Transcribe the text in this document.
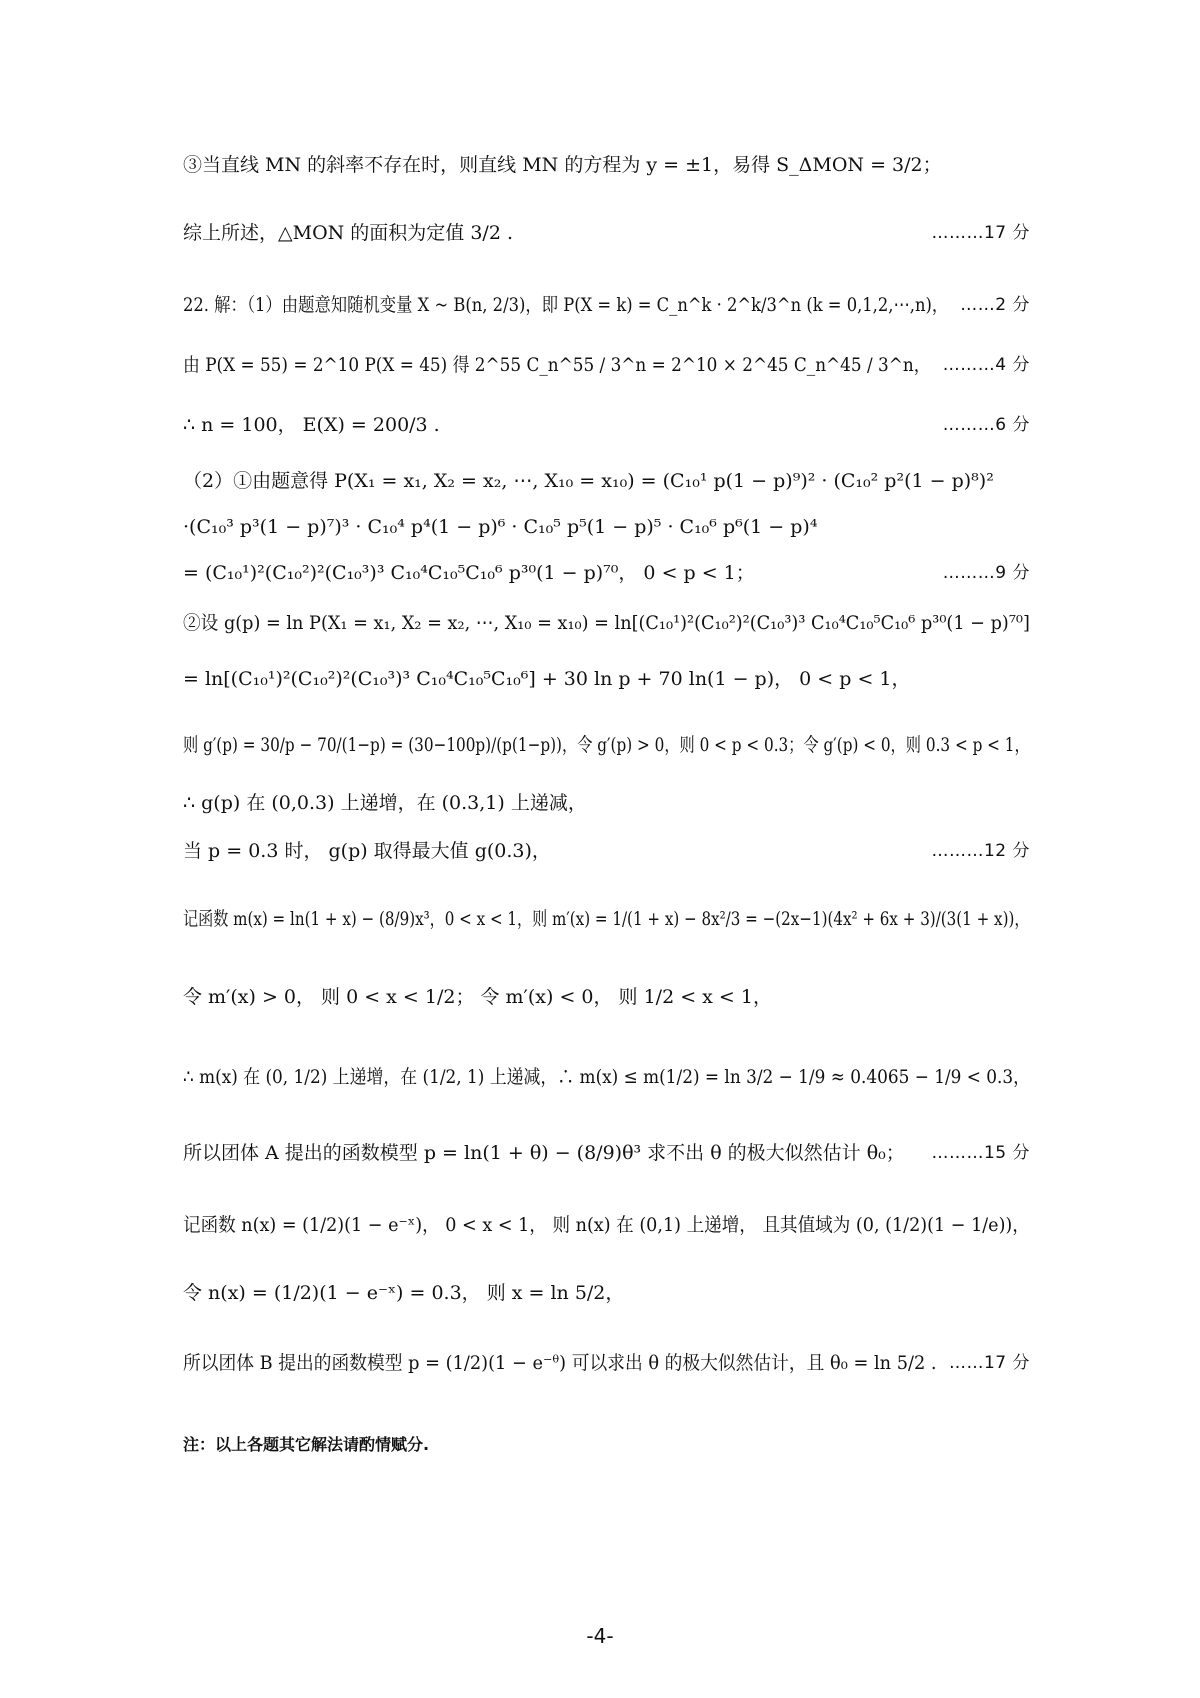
③当直线 MN 的斜率不存在时，则直线 MN 的方程为 y = ±1，易得 S_ΔMON = 3/2；
综上所述，△MON 的面积为定值 3/2 .	………17 分
22. 解：（1）由题意知随机变量 X ~ B(n, 2/3)，即 P(X = k) = C_n^k · 2^k/3^n (k = 0,1,2,⋯,n)， ……2 分
由 P(X = 55) = 2^10 P(X = 45) 得 2^55 C_n^55 / 3^n = 2^10 × 2^45 C_n^45 / 3^n， ………4 分
∴ n = 100， E(X) = 200/3 .	………6 分
（2）①由题意得 P(X₁ = x₁, X₂ = x₂, ⋯, X₁₀ = x₁₀) = (C₁₀¹ p(1 − p)⁹)² · (C₁₀² p²(1 − p)⁸)²
·(C₁₀³ p³(1 − p)⁷)³ · C₁₀⁴ p⁴(1 − p)⁶ · C₁₀⁵ p⁵(1 − p)⁵ · C₁₀⁶ p⁶(1 − p)⁴
= (C₁₀¹)²(C₁₀²)²(C₁₀³)³ C₁₀⁴C₁₀⁵C₁₀⁶ p³⁰(1 − p)⁷⁰， 0 < p < 1；	………9 分
②设 g(p) = ln P(X₁ = x₁, X₂ = x₂, ⋯, X₁₀ = x₁₀) = ln[(C₁₀¹)²(C₁₀²)²(C₁₀³)³ C₁₀⁴C₁₀⁵C₁₀⁶ p³⁰(1 − p)⁷⁰]
= ln[(C₁₀¹)²(C₁₀²)²(C₁₀³)³ C₁₀⁴C₁₀⁵C₁₀⁶] + 30 ln p + 70 ln(1 − p)， 0 < p < 1，
则 g′(p) = 30/p − 70/(1−p) = (30−100p)/(p(1−p))，令 g′(p) > 0，则 0 < p < 0.3；令 g′(p) < 0，则 0.3 < p < 1，
∴ g(p) 在 (0,0.3) 上递增，在 (0.3,1) 上递减，
当 p = 0.3 时， g(p) 取得最大值 g(0.3)，	………12 分
记函数 m(x) = ln(1 + x) − (8/9)x³，0 < x < 1，则 m′(x) = 1/(1 + x) − 8x²/3 = −(2x−1)(4x² + 6x + 3)/(3(1 + x))，
令 m′(x) > 0， 则 0 < x < 1/2； 令 m′(x) < 0， 则 1/2 < x < 1，
∴ m(x) 在 (0, 1/2) 上递增，在 (1/2, 1) 上递减，∴ m(x) ≤ m(1/2) = ln 3/2 − 1/9 ≈ 0.4065 − 1/9 < 0.3，
所以团体 A 提出的函数模型 p = ln(1 + θ) − (8/9)θ³ 求不出 θ 的极大似然估计 θ₀； ………15 分
记函数 n(x) = (1/2)(1 − e⁻ˣ)， 0 < x < 1， 则 n(x) 在 (0,1) 上递增， 且其值域为 (0, (1/2)(1 − 1/e))，
令 n(x) = (1/2)(1 − e⁻ˣ) = 0.3， 则 x = ln 5/2，
所以团体 B 提出的函数模型 p = (1/2)(1 − e⁻ᶿ) 可以求出 θ 的极大似然估计，且 θ₀ = ln 5/2 . ……17 分
注：以上各题其它解法请酌情赋分.
-4-
